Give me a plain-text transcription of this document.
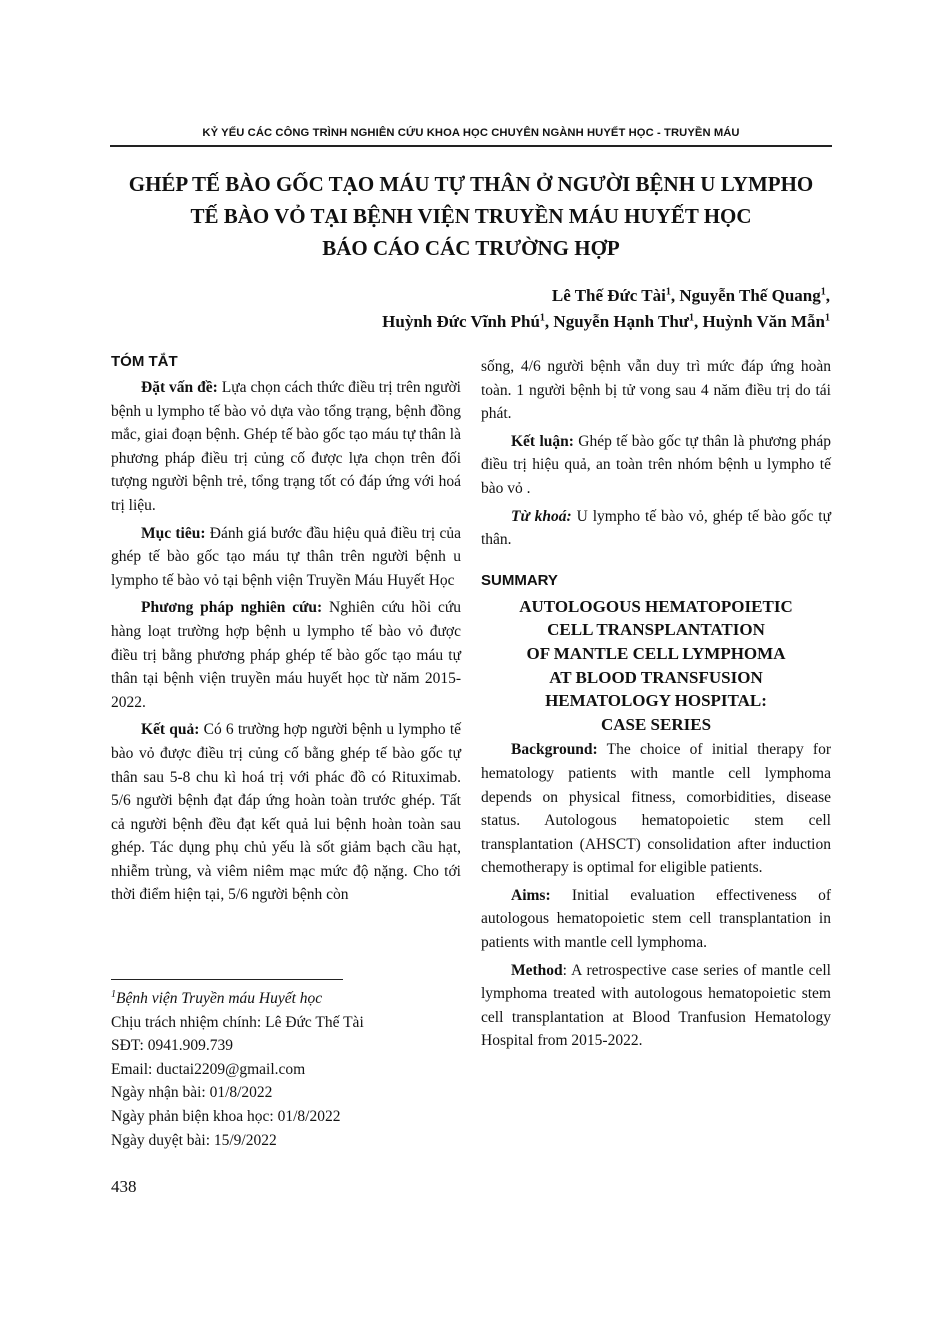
KỶ YẾU CÁC CÔNG TRÌNH NGHIÊN CỨU KHOA HỌC CHUYÊN NGÀNH HUYẾT HỌC - TRUYỀN MÁU
GHÉP TẾ BÀO GỐC TẠO MÁU TỰ THÂN Ở NGƯỜI BỆNH U LYMPHO
TẾ BÀO VỎ TẠI BỆNH VIỆN TRUYỀN MÁU HUYẾT HỌC
BÁO CÁO CÁC TRƯỜNG HỢP
Lê Thế Đức Tài$^1$, Nguyễn Thế Quang$^1$,
Huỳnh Đức Vĩnh Phú$^1$, Nguyễn Hạnh Thư$^1$, Huỳnh Văn Mẫn$^1$
TÓM TẮT

Đặt vấn đề: Lựa chọn cách thức điều trị trên người bệnh u lympho tế bào vỏ dựa vào tổng trạng, bệnh đồng mắc, giai đoạn bệnh. Ghép tế bào gốc tạo máu tự thân là phương pháp điều trị củng cố được lựa chọn trên đối tượng người bệnh trẻ, tổng trạng tốt có đáp ứng với hoá trị liệu.

Mục tiêu: Đánh giá bước đầu hiệu quả điều trị của ghép tế bào gốc tạo máu tự thân trên người bệnh u lympho tế bào vỏ tại bệnh viện Truyền Máu Huyết Học

Phương pháp nghiên cứu: Nghiên cứu hồi cứu hàng loạt trường hợp bệnh u lympho tế bào vỏ được điều trị bằng phương pháp ghép tế bào gốc tạo máu tự thân tại bệnh viện truyền máu huyết học từ năm 2015-2022.

Kết quả: Có 6 trường hợp người bệnh u lympho tế bào vỏ được điều trị củng cố bằng ghép tế bào gốc tự thân sau 5-8 chu kì hoá trị với phác đồ có Rituximab. 5/6 người bệnh đạt đáp ứng hoàn toàn trước ghép. Tất cả người bệnh đều đạt kết quả lui bệnh hoàn toàn sau ghép. Tác dụng phụ chủ yếu là sốt giảm bạch cầu hạt, nhiễm trùng, và viêm niêm mạc mức độ nặng. Cho tới thời điểm hiện tại, 5/6 người bệnh còn

sống, 4/6 người bệnh vẫn duy trì mức đáp ứng hoàn toàn. 1 người bệnh bị tử vong sau 4 năm điều trị do tái phát.

Kết luận: Ghép tế bào gốc tự thân là phương pháp điều trị hiệu quả, an toàn trên nhóm bệnh u lympho tế bào vỏ .

Từ khoá: U lympho tế bào vỏ, ghép tế bào gốc tự thân.

SUMMARY
AUTOLOGOUS HEMATOPOIETIC
CELL TRANSPLANTATION
OF MANTLE CELL LYMPHOMA
AT BLOOD TRANSFUSION
HEMATOLOGY HOSPITAL:
CASE SERIES

Background: The choice of initial therapy for hematology patients with mantle cell lymphoma depends on physical fitness, comorbidities, disease status. Autologous hematopoietic stem cell transplantation (AHSCT) consolidation after induction chemotherapy is optimal for eligible patients.

Aims: Initial evaluation effectiveness of autologous hematopoietic stem cell transplantation in patients with mantle cell lymphoma.

Method: A retrospective case series of mantle cell lymphoma treated with autologous hematopoietic stem cell transplantation at Blood Tranfusion Hematology Hospital from 2015-2022.

$^1$Bệnh viện Truyền máu Huyết học
Chịu trách nhiệm chính: Lê Đức Thế Tài
SĐT: 0941.909.739
Email: ductai2209@gmail.com
Ngày nhận bài: 01/8/2022
Ngày phản biện khoa học: 01/8/2022
Ngày duyệt bài: 15/9/2022
438
